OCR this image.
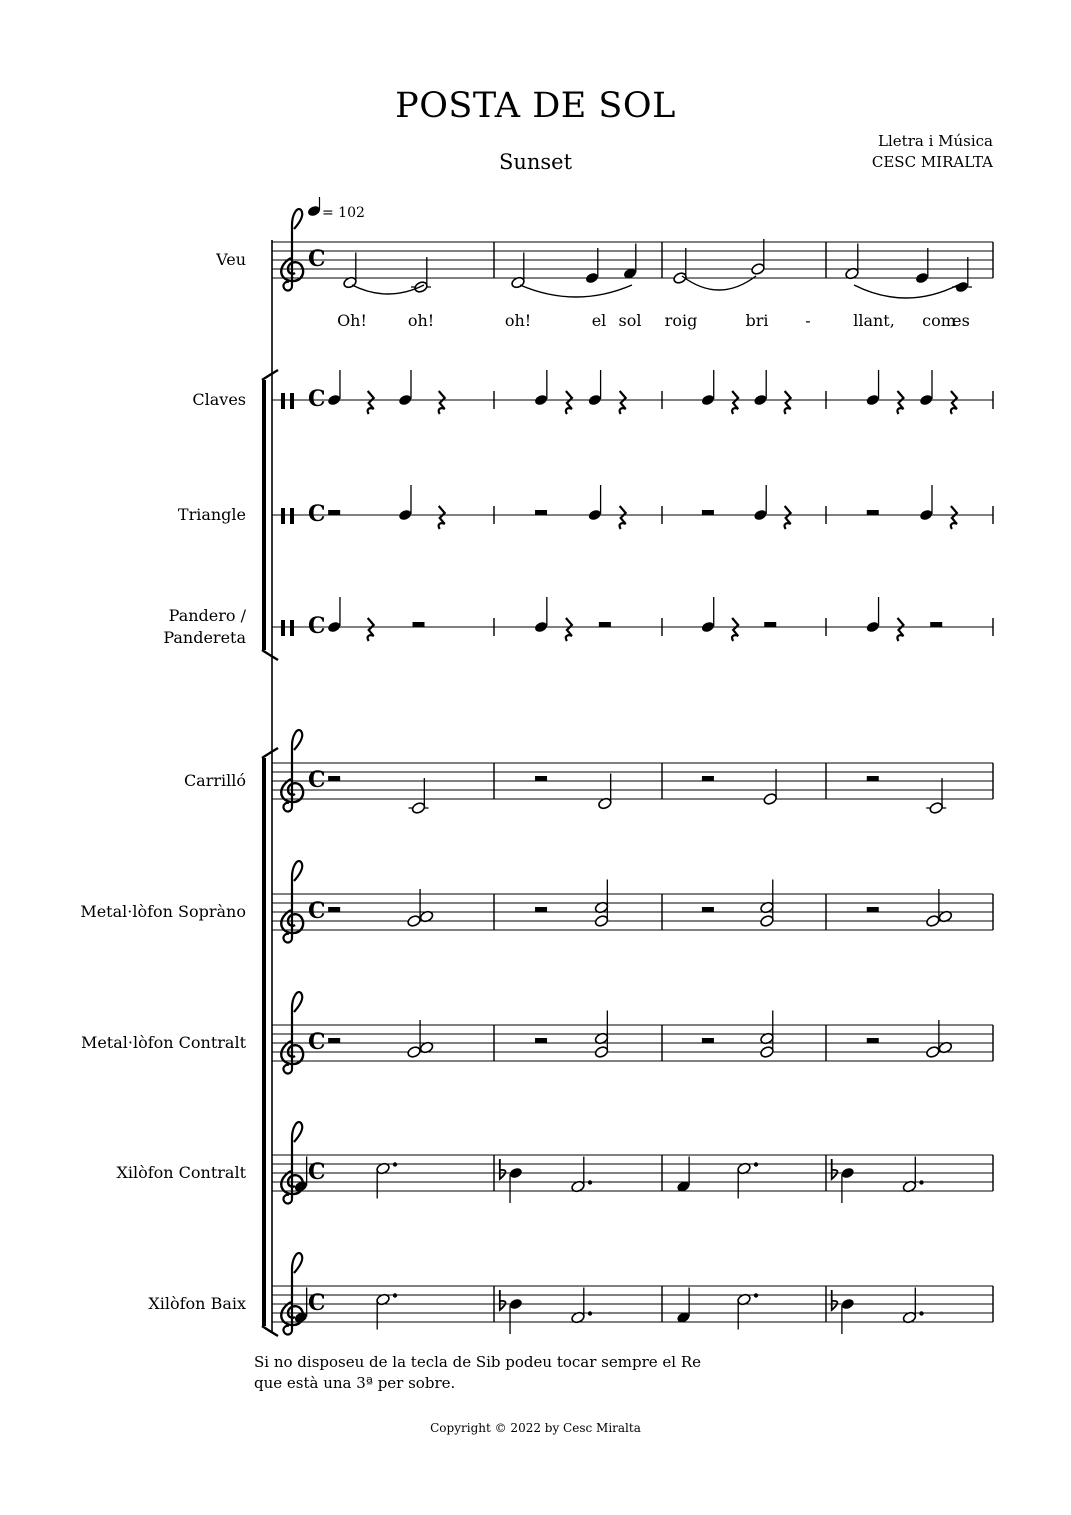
POSTA DE SOL
Sunset
Lletra i Música
CESC MIRALTA
= 102
C
Oh!	oh!	oh!	el sol roig	bri -	llant, com
es
Veu
C
Claves
C
Triangle
C
Pandero /
Pandereta
C
Carrilló
C
Metal·lòfon Sopràno
C
Metal·lòfon Contralt
C
Xilòfon Contralt
C
Xilòfon Baix
Si no disposeu de la tecla de Sib podeu tocar sempre el Re
que està una 3ª per sobre.
Copyright © 2022 by Cesc Miralta
